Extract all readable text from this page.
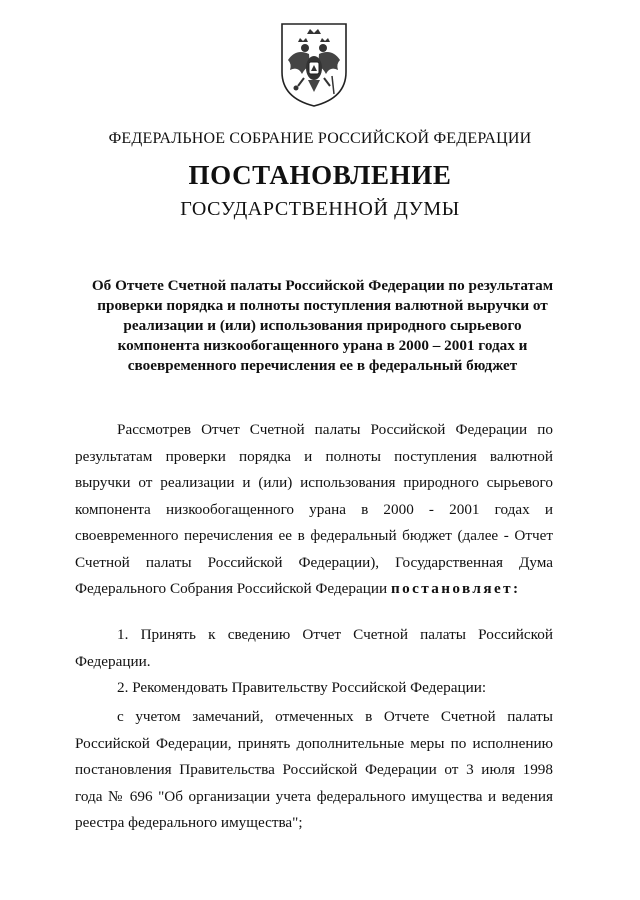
ФЕДЕРАЛЬНОЕ СОБРАНИЕ РОССИЙСКОЙ ФЕДЕРАЦИИ
ПОСТАНОВЛЕНИЕ
ГОСУДАРСТВЕННОЙ ДУМЫ
Об Отчете Счетной палаты Российской Федерации по результатам проверки порядка и полноты поступления валютной выручки от реализации и (или) использования природного сырьевого компонента низкообогащенного урана в 2000 – 2001 годах и своевременного перечисления ее в федеральный бюджет
Рассмотрев Отчет Счетной палаты Российской Федерации по результатам проверки порядка и полноты поступления валютной выручки от реализации и (или) использования природного сырьевого компонента низкообогащенного урана в 2000 - 2001 годах и своевременного перечисления ее в федеральный бюджет (далее - Отчет Счетной палаты Российской Федерации), Государственная Дума Федерального Собрания Российской Федерации постановляет:
1. Принять к сведению Отчет Счетной палаты Российской Федерации.
2. Рекомендовать Правительству Российской Федерации:
с учетом замечаний, отмеченных в Отчете Счетной палаты Российской Федерации, принять дополнительные меры по исполнению постановления Правительства Российской Федерации от 3 июля 1998 года № 696 "Об организации учета федерального имущества и ведения реестра федерального имущества";
